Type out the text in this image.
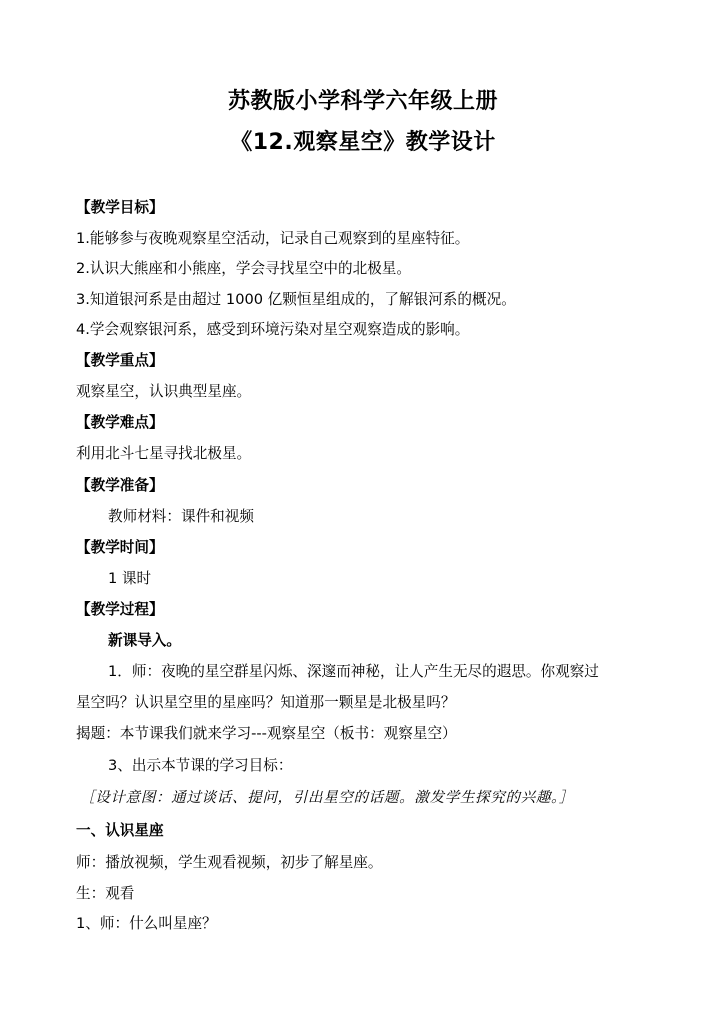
苏教版小学科学六年级上册
《12.观察星空》教学设计
【教学目标】
1.能够参与夜晚观察星空活动，记录自己观察到的星座特征。
2.认识大熊座和小熊座，学会寻找星空中的北极星。
3.知道银河系是由超过 1000 亿颗恒星组成的，了解银河系的概况。
4.学会观察银河系，感受到环境污染对星空观察造成的影响。
【教学重点】
观察星空，认识典型星座。
【教学难点】
利用北斗七星寻找北极星。
【教学准备】
教师材料：课件和视频
【教学时间】
1 课时
【教学过程】
新课导入。
1．师：夜晚的星空群星闪烁、深邃而神秘，让人产生无尽的遐思。你观察过
星空吗？认识星空里的星座吗？知道那一颗星是北极星吗？
揭题：本节课我们就来学习---观察星空（板书：观察星空）
3、出示本节课的学习目标：
［设计意图：通过谈话、提问，引出星空的话题。激发学生探究的兴趣。］
一、认识星座
师：播放视频，学生观看视频，初步了解星座。
生：观看
1、师：什么叫星座？
